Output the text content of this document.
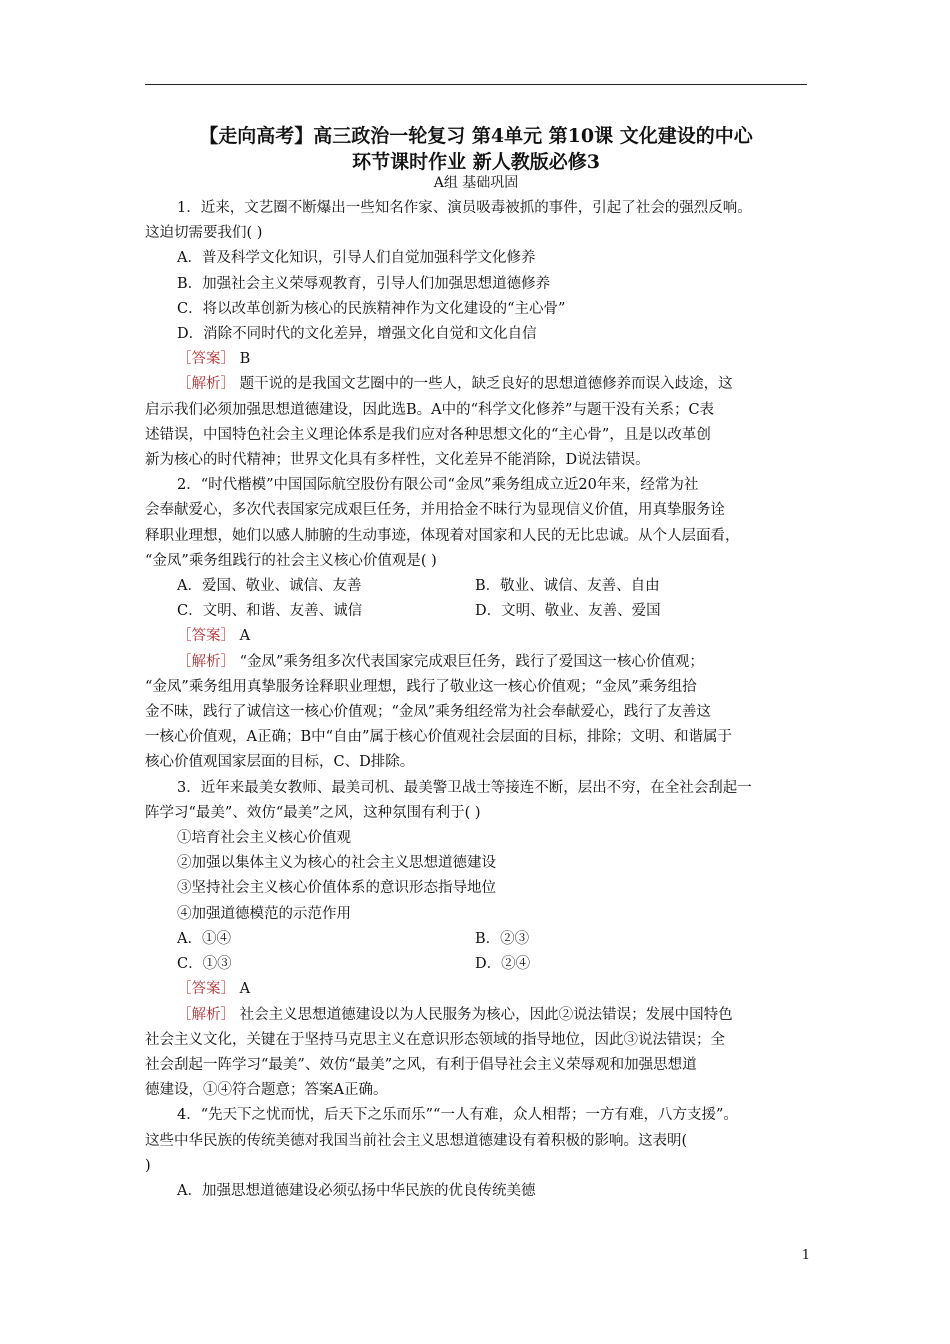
【走向高考】高三政治一轮复习 第4单元 第10课 文化建设的中心
环节课时作业 新人教版必修3
A组 基础巩固

1．近来，文艺圈不断爆出一些知名作家、演员吸毒被抓的事件，引起了社会的强烈反响。

这迫切需要我们( )

A．普及科学文化知识，引导人们自觉加强科学文化修养

B．加强社会主义荣辱观教育，引导人们加强思想道德修养

C．将以改革创新为核心的民族精神作为文化建设的“主心骨”

D．消除不同时代的文化差异，增强文化自觉和文化自信

［答案］ B

［解析］ 题干说的是我国文艺圈中的一些人，缺乏良好的思想道德修养而误入歧途，这

启示我们必须加强思想道德建设，因此选B。A中的“科学文化修养”与题干没有关系；C表

述错误，中国特色社会主义理论体系是我们应对各种思想文化的“主心骨”，且是以改革创

新为核心的时代精神；世界文化具有多样性，文化差异不能消除，D说法错误。

2．“时代楷模”中国国际航空股份有限公司“金凤”乘务组成立近20年来，经常为社

会奉献爱心，多次代表国家完成艰巨任务，并用拾金不昧行为显现信义价值，用真挚服务诠

释职业理想，她们以感人肺腑的生动事迹，体现着对国家和人民的无比忠诚。从个人层面看，

“金凤”乘务组践行的社会主义核心价值观是( )

A．爱国、敬业、诚信、友善	B．敬业、诚信、友善、自由
C．文明、和谐、友善、诚信	D．文明、敬业、友善、爱国

［答案］ A

［解析］ “金凤”乘务组多次代表国家完成艰巨任务，践行了爱国这一核心价值观；

“金凤”乘务组用真挚服务诠释职业理想，践行了敬业这一核心价值观；“金凤”乘务组拾

金不昧，践行了诚信这一核心价值观；“金凤”乘务组经常为社会奉献爱心，践行了友善这

一核心价值观，A正确；B中“自由”属于核心价值观社会层面的目标，排除；文明、和谐属于

核心价值观国家层面的目标，C、D排除。

3．近年来最美女教师、最美司机、最美警卫战士等接连不断，层出不穷，在全社会刮起一

阵学习“最美”、效仿“最美”之风，这种氛围有利于( )

①培育社会主义核心价值观

②加强以集体主义为核心的社会主义思想道德建设

③坚持社会主义核心价值体系的意识形态指导地位

④加强道德模范的示范作用

A．①④	B．②③
C．①③	D．②④

［答案］ A

［解析］ 社会主义思想道德建设以为人民服务为核心，因此②说法错误；发展中国特色

社会主义文化，关键在于坚持马克思主义在意识形态领域的指导地位，因此③说法错误；全

社会刮起一阵学习“最美”、效仿“最美”之风，有利于倡导社会主义荣辱观和加强思想道

德建设，①④符合题意；答案A正确。

4．“先天下之忧而忧，后天下之乐而乐”“一人有难，众人相帮；一方有难，八方支援”。

这些中华民族的传统美德对我国当前社会主义思想道德建设有着积极的影响。这表明(

)

A．加强思想道德建设必须弘扬中华民族的优良传统美德

1
